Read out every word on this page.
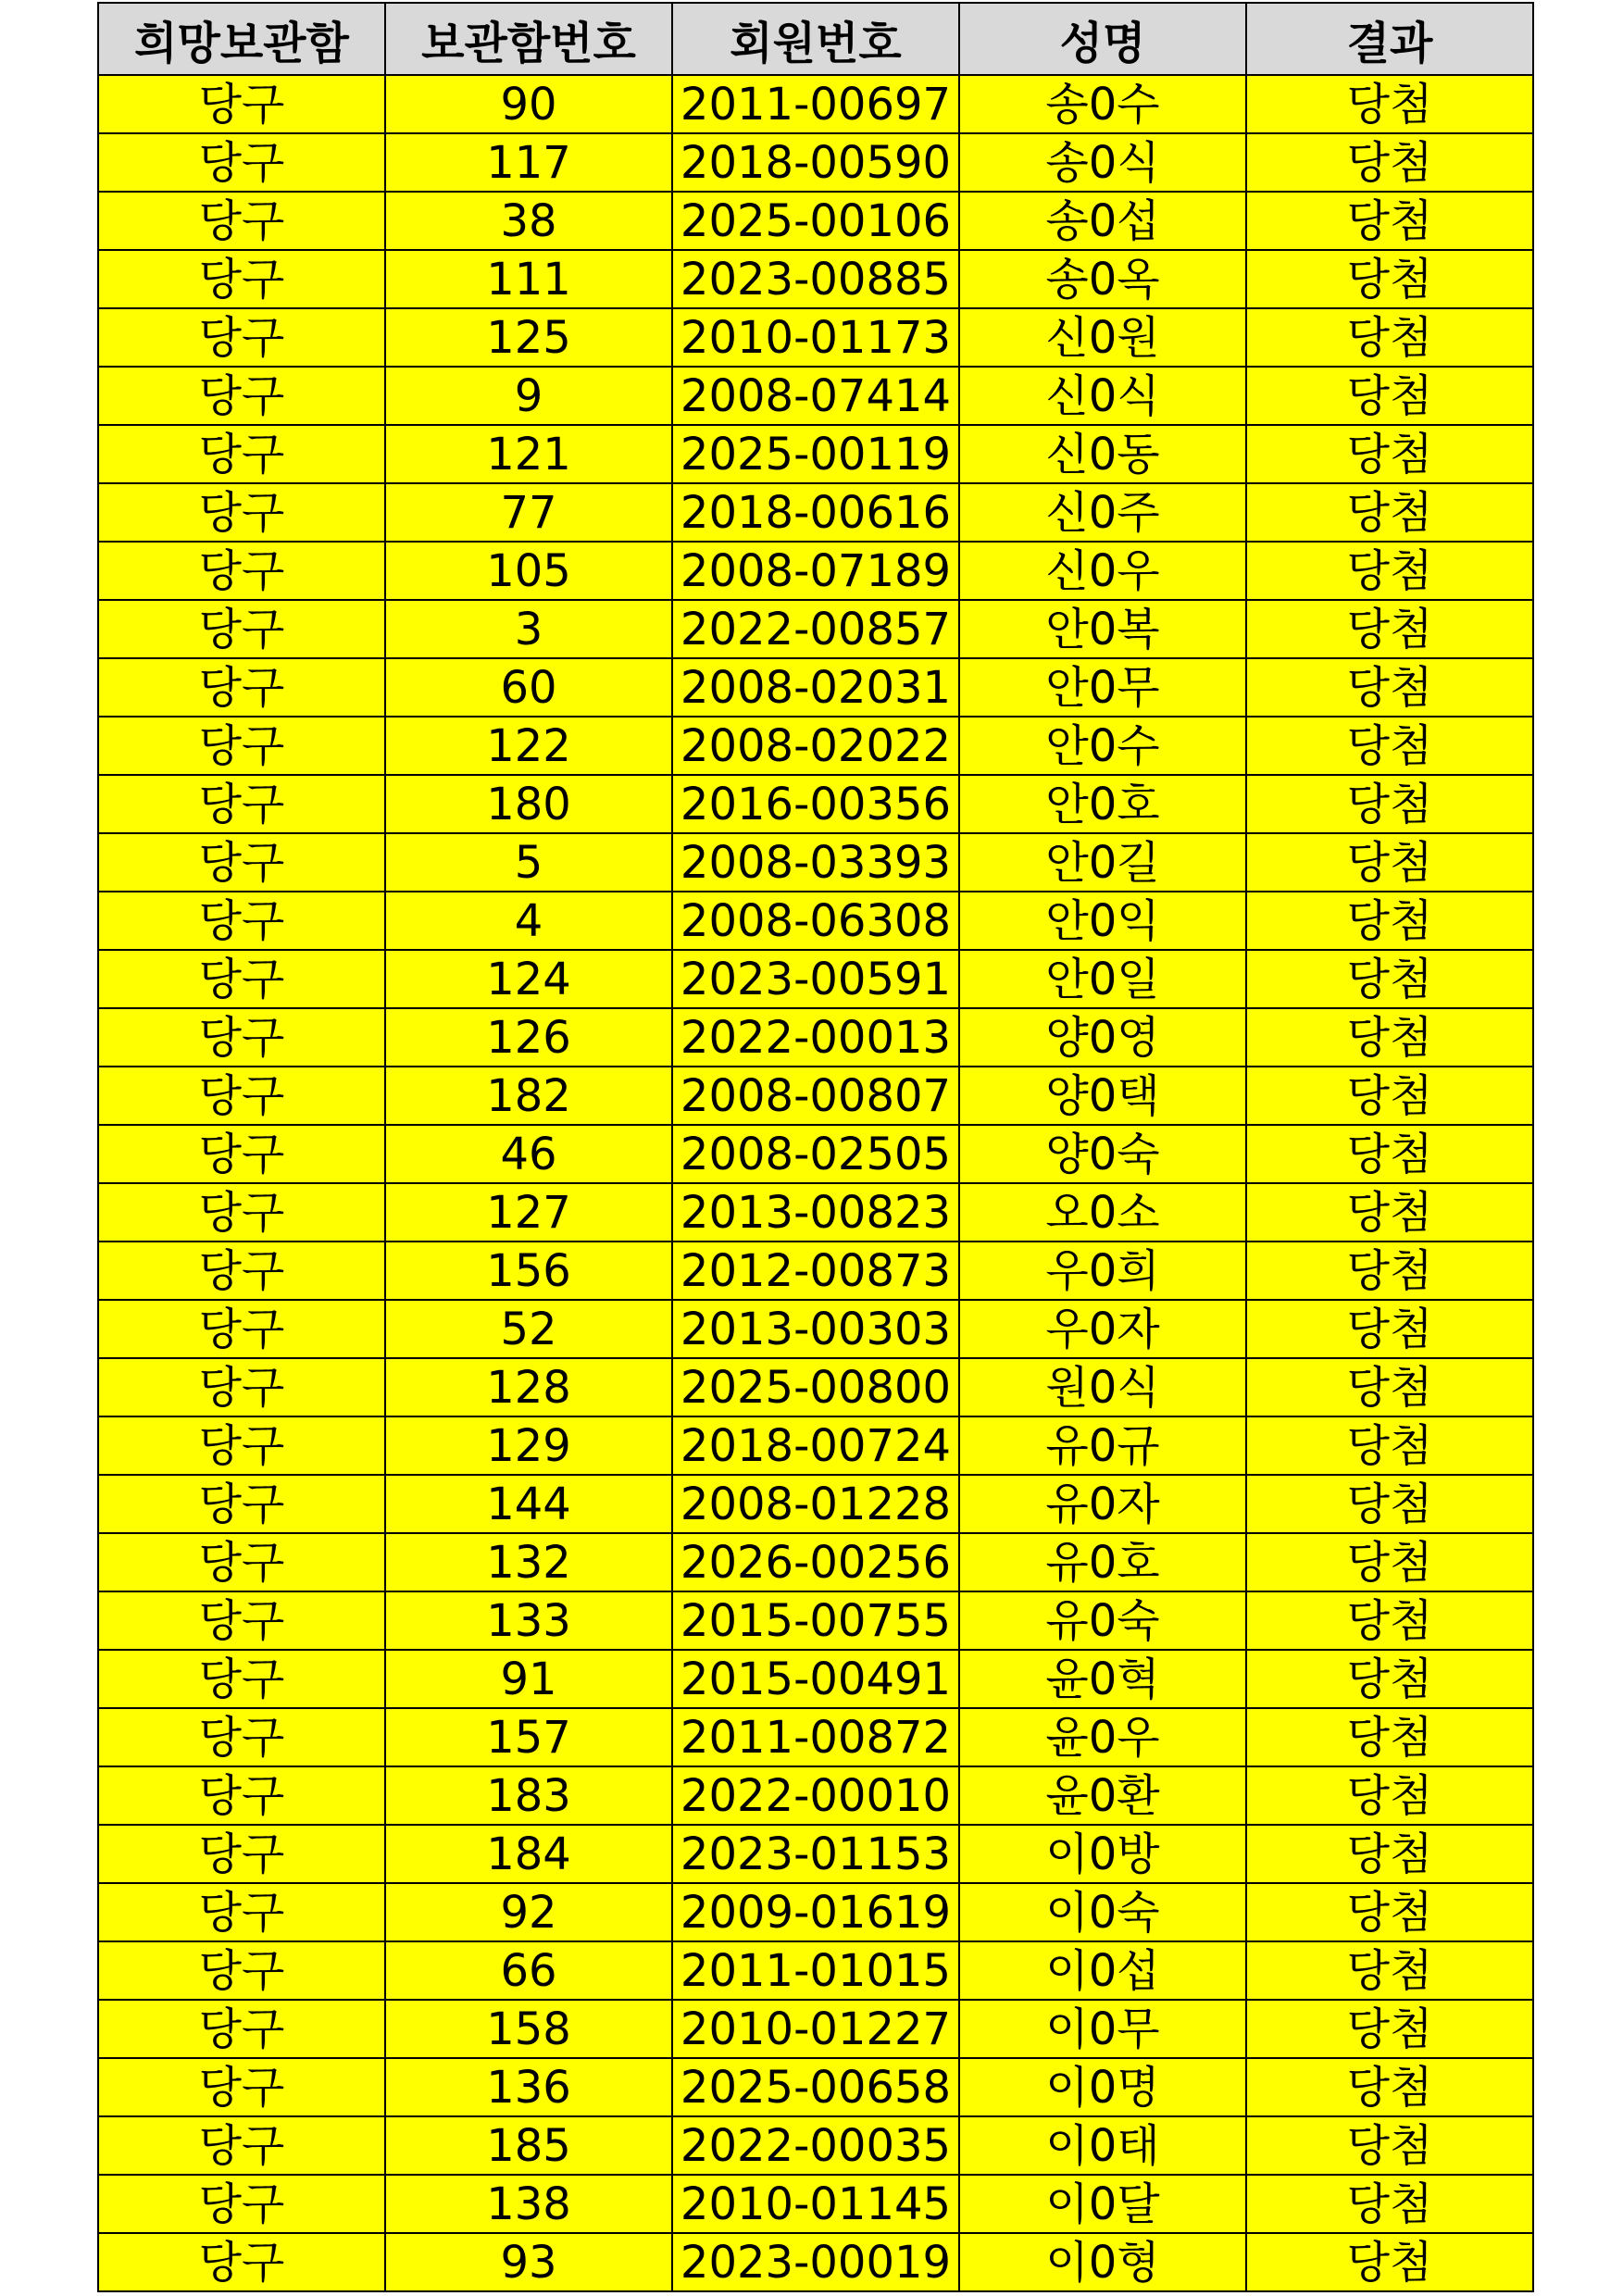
희망보관함	보관함번호	회원번호	성명	결과
당구	90	2011-00697	송0수	당첨
당구	117	2018-00590	송0식	당첨
당구	38	2025-00106	송0섭	당첨
당구	111	2023-00885	송0옥	당첨
당구	125	2010-01173	신0원	당첨
당구	9	2008-07414	신0식	당첨
당구	121	2025-00119	신0동	당첨
당구	77	2018-00616	신0주	당첨
당구	105	2008-07189	신0우	당첨
당구	3	2022-00857	안0복	당첨
당구	60	2008-02031	안0무	당첨
당구	122	2008-02022	안0수	당첨
당구	180	2016-00356	안0호	당첨
당구	5	2008-03393	안0길	당첨
당구	4	2008-06308	안0익	당첨
당구	124	2023-00591	안0일	당첨
당구	126	2022-00013	양0영	당첨
당구	182	2008-00807	양0택	당첨
당구	46	2008-02505	양0숙	당첨
당구	127	2013-00823	오0소	당첨
당구	156	2012-00873	우0희	당첨
당구	52	2013-00303	우0자	당첨
당구	128	2025-00800	원0식	당첨
당구	129	2018-00724	유0규	당첨
당구	144	2008-01228	유0자	당첨
당구	132	2026-00256	유0호	당첨
당구	133	2015-00755	유0숙	당첨
당구	91	2015-00491	윤0혁	당첨
당구	157	2011-00872	윤0우	당첨
당구	183	2022-00010	윤0환	당첨
당구	184	2023-01153	이0방	당첨
당구	92	2009-01619	이0숙	당첨
당구	66	2011-01015	이0섭	당첨
당구	158	2010-01227	이0무	당첨
당구	136	2025-00658	이0명	당첨
당구	185	2022-00035	이0태	당첨
당구	138	2010-01145	이0달	당첨
당구	93	2023-00019	이0형	당첨
